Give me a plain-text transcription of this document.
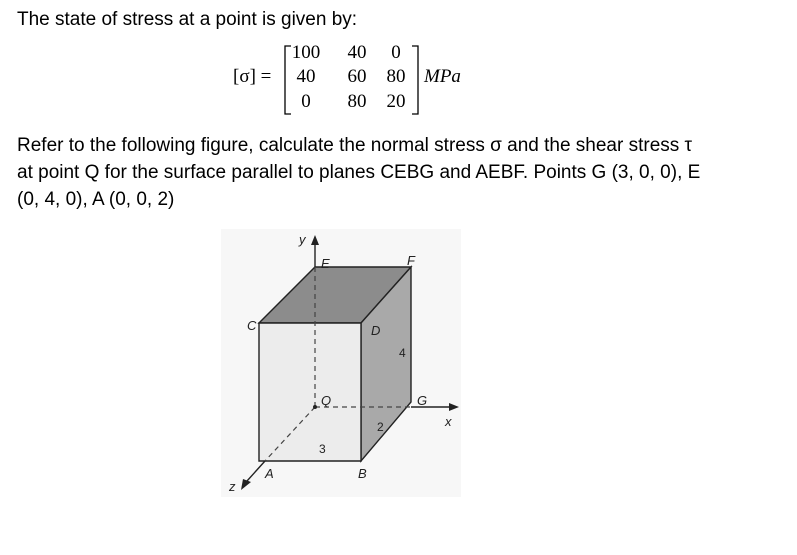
The state of stress at a point is given by:
[σ] =
100	40	0
40	60	80
0	80	20
MPa

Refer to the following figure, calculate the normal stress σ and the shear stress τ

at point Q for the surface parallel to planes CEBG and AEBF. Points G (3, 0, 0), E

(0, 4, 0), A (0, 0, 2)

y
E	F
C	D
4
Q	G
x
2
3
A	B
z
